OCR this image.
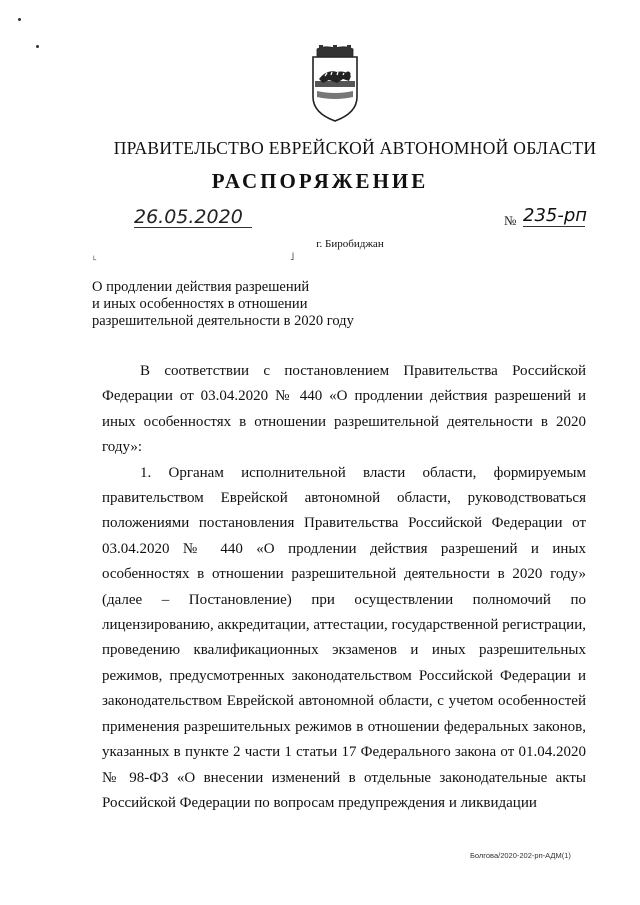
ПРАВИТЕЛЬСТВО ЕВРЕЙСКОЙ АВТОНОМНОЙ ОБЛАСТИ
РАСПОРЯЖЕНИЕ
26.05.2020	№ 235-рп
г. Биробиджан
˪	˩
О продлении действия разрешений
и иных особенностях в отношении
разрешительной деятельности в 2020 году

В соответствии с постановлением Правительства Российской Федерации от 03.04.2020 № 440 «О продлении действия разрешений и иных особенностях в отношении разрешительной деятельности в 2020 году»:

1. Органам исполнительной власти области, формируемым правительством Еврейской автономной области, руководствоваться положениями постановления Правительства Российской Федерации от 03.04.2020 № 440 «О продлении действия разрешений и иных особенностях в отношении разрешительной деятельности в 2020 году» (далее – Постановление) при осуществлении полномочий по лицензированию, аккредитации, аттестации, государственной регистрации, проведению квалификационных экзаменов и иных разрешительных режимов, предусмотренных законодательством Российской Федерации и законодательством Еврейской автономной области, с учетом особенностей применения разрешительных режимов в отношении федеральных законов, указанных в пункте 2 части 1 статьи 17 Федерального закона от 01.04.2020 № 98-ФЗ «О внесении изменений в отдельные законодательные акты Российской Федерации по вопросам предупреждения и ликвидации

Болгова/2020-202-рп-АДМ(1)
